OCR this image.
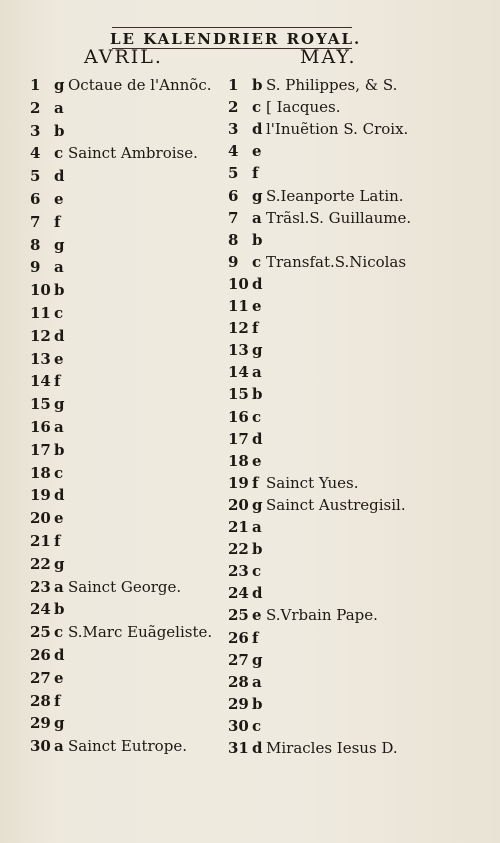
LE KALENDRIER ROYAL.
AVRIL.	MAY.
1 g Octaue de l'Annõc.
2 a
3 b
4 c Sainct Ambroise.
5 d
6 e
7 f
8 g
9 a
10 b
11 c
12 d
13 e
14 f
15 g
16 a
17 b
18 c
19 d
20 e
21 f
22 g
23 a Sainct George.
24 b
25 c S.Marc Euãgeliste.
26 d
27 e
28 f
29 g
30 a Sainct Eutrope.
1 b S. Philippes, & S.
2 c [ Iacques.
3 d l'Inuẽtion S. Croix.
4 e
5 f
6 g S.Ieanporte Latin.
7 a Trãsl.S. Guillaume.
8 b
9 c Transfat.S.Nicolas
10 d
11 e
12 f
13 g
14 a
15 b
16 c
17 d
18 e
19 f Sainct Yues.
20 g Sainct Austregisil.
21 a
22 b
23 c
24 d
25 e S.Vrbain Pape.
26 f
27 g
28 a
29 b
30 c
31 d Miracles Iesus D.
